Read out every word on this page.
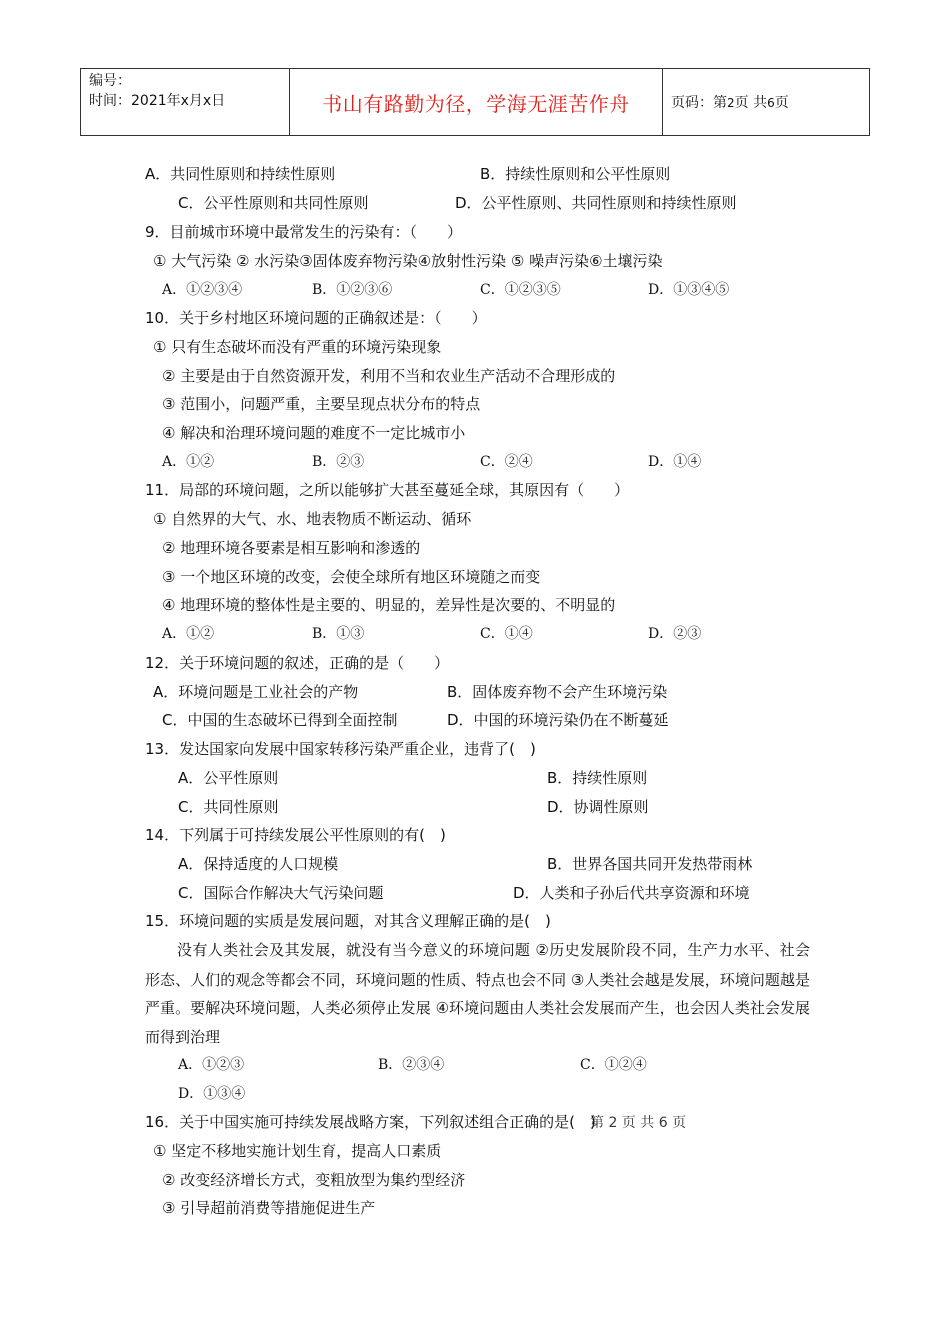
编号：
时间：2021年x月x日	书山有路勤为径，学海无涯苦作舟	页码：第2页 共6页
A．共同性原则和持续性原则	B．持续性原则和公平性原则
C．公平性原则和共同性原则	D．公平性原则、共同性原则和持续性原则
9．目前城市环境中最常发生的污染有：（　　）
① 大气污染 ② 水污染③固体废弃物污染④放射性污染 ⑤ 噪声污染⑥土壤污染
A．①②③④	B．①②③⑥	C．①②③⑤	D．①③④⑤
10．关于乡村地区环境问题的正确叙述是：（　　）
① 只有生态破坏而没有严重的环境污染现象
② 主要是由于自然资源开发，利用不当和农业生产活动不合理形成的
③ 范围小，问题严重，主要呈现点状分布的特点
④ 解决和治理环境问题的难度不一定比城市小
A．①②	B．②③	C．②④	D．①④
11．局部的环境问题，之所以能够扩大甚至蔓延全球，其原因有（　　）
① 自然界的大气、水、地表物质不断运动、循环
② 地理环境各要素是相互影响和渗透的
③ 一个地区环境的改变，会使全球所有地区环境随之而变
④ 地理环境的整体性是主要的、明显的，差异性是次要的、不明显的
A．①②	B．①③	C．①④	D．②③
12．关于环境问题的叙述，正确的是（　　）
A．环境问题是工业社会的产物	B．固体废弃物不会产生环境污染
C．中国的生态破坏已得到全面控制	D．中国的环境污染仍在不断蔓延
13．发达国家向发展中国家转移污染严重企业，违背了(　)
A．公平性原则	B．持续性原则
C．共同性原则	D．协调性原则
14．下列属于可持续发展公平性原则的有(　)
A．保持适度的人口规模	B．世界各国共同开发热带雨林
C．国际合作解决大气污染问题	D．人类和子孙后代共享资源和环境
15．环境问题的实质是发展问题，对其含义理解正确的是(　)
没有人类社会及其发展，就没有当今意义的环境问题 ②历史发展阶段不同，生产力水平、社会形态、人们的观念等都会不同，环境问题的性质、特点也会不同 ③人类社会越是发展，环境问题越是严重。要解决环境问题，人类必须停止发展 ④环境问题由人类社会发展而产生，也会因人类社会发展而得到治理
A．①②③	B．②③④	C．①②④
D．①③④
16．关于中国实施可持续发展战略方案，下列叙述组合正确的是(　)
第 2 页 共 6 页
① 坚定不移地实施计划生育，提高人口素质
② 改变经济增长方式，变粗放型为集约型经济
③ 引导超前消费等措施促进生产
